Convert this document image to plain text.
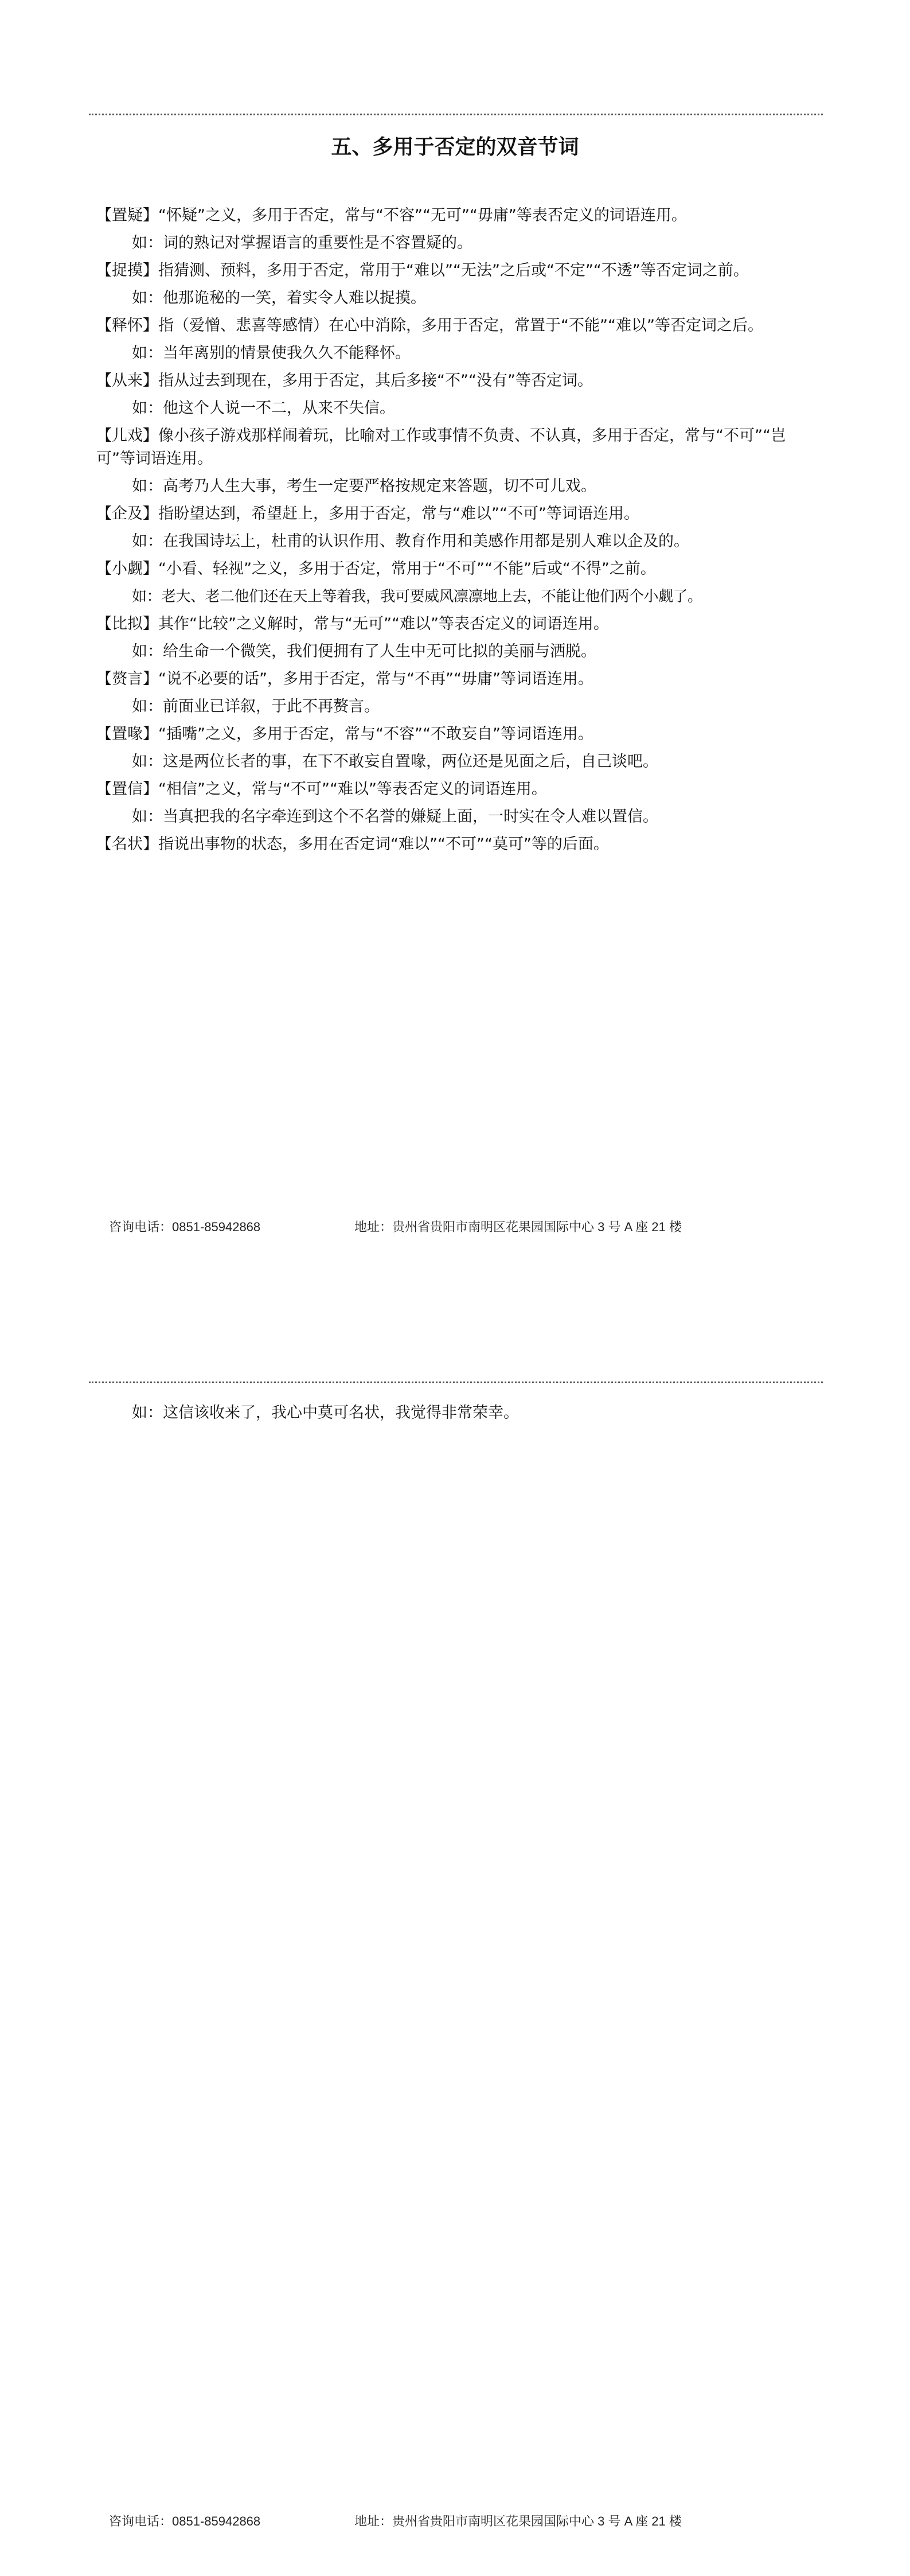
五、多用于否定的双音节词
【置疑】“怀疑”之义，多用于否定，常与“不容”“无可”“毋庸”等表否定义的词语连用。
如：词的熟记对掌握语言的重要性是不容置疑的。
【捉摸】指猜测、预料，多用于否定，常用于“难以”“无法”之后或“不定”“不透”等否定词之前。
如：他那诡秘的一笑，着实令人难以捉摸。
【释怀】指（爱憎、悲喜等感情）在心中消除，多用于否定，常置于“不能”“难以”等否定词之后。
如：当年离别的情景使我久久不能释怀。
【从来】指从过去到现在，多用于否定，其后多接“不”“没有”等否定词。
如：他这个人说一不二，从来不失信。
【儿戏】像小孩子游戏那样闹着玩，比喻对工作或事情不负责、不认真，多用于否定，常与“不可”“岂可”等词语连用。
如：高考乃人生大事，考生一定要严格按规定来答题，切不可儿戏。
【企及】指盼望达到，希望赶上，多用于否定，常与“难以”“不可”等词语连用。
如：在我国诗坛上，杜甫的认识作用、教育作用和美感作用都是别人难以企及的。
【小觑】“小看、轻视”之义，多用于否定，常用于“不可”“不能”后或“不得”之前。
如：老大、老二他们还在天上等着我，我可要威风凛凛地上去，不能让他们两个小觑了。
【比拟】其作“比较”之义解时，常与“无可”“难以”等表否定义的词语连用。
如：给生命一个微笑，我们便拥有了人生中无可比拟的美丽与洒脱。
【赘言】“说不必要的话”，多用于否定，常与“不再”“毋庸”等词语连用。
如：前面业已详叙，于此不再赘言。
【置喙】“插嘴”之义，多用于否定，常与“不容”“不敢妄自”等词语连用。
如：这是两位长者的事，在下不敢妄自置喙，两位还是见面之后，自己谈吧。
【置信】“相信”之义，常与“不可”“难以”等表否定义的词语连用。
如：当真把我的名字牵连到这个不名誉的嫌疑上面，一时实在令人难以置信。
【名状】指说出事物的状态，多用在否定词“难以”“不可”“莫可”等的后面。
咨询电话：0851-85942868	地址：贵州省贵阳市南明区花果园国际中心 3 号 A 座 21 楼
如：这信该收来了，我心中莫可名状，我觉得非常荣幸。
咨询电话：0851-85942868	地址：贵州省贵阳市南明区花果园国际中心 3 号 A 座 21 楼
